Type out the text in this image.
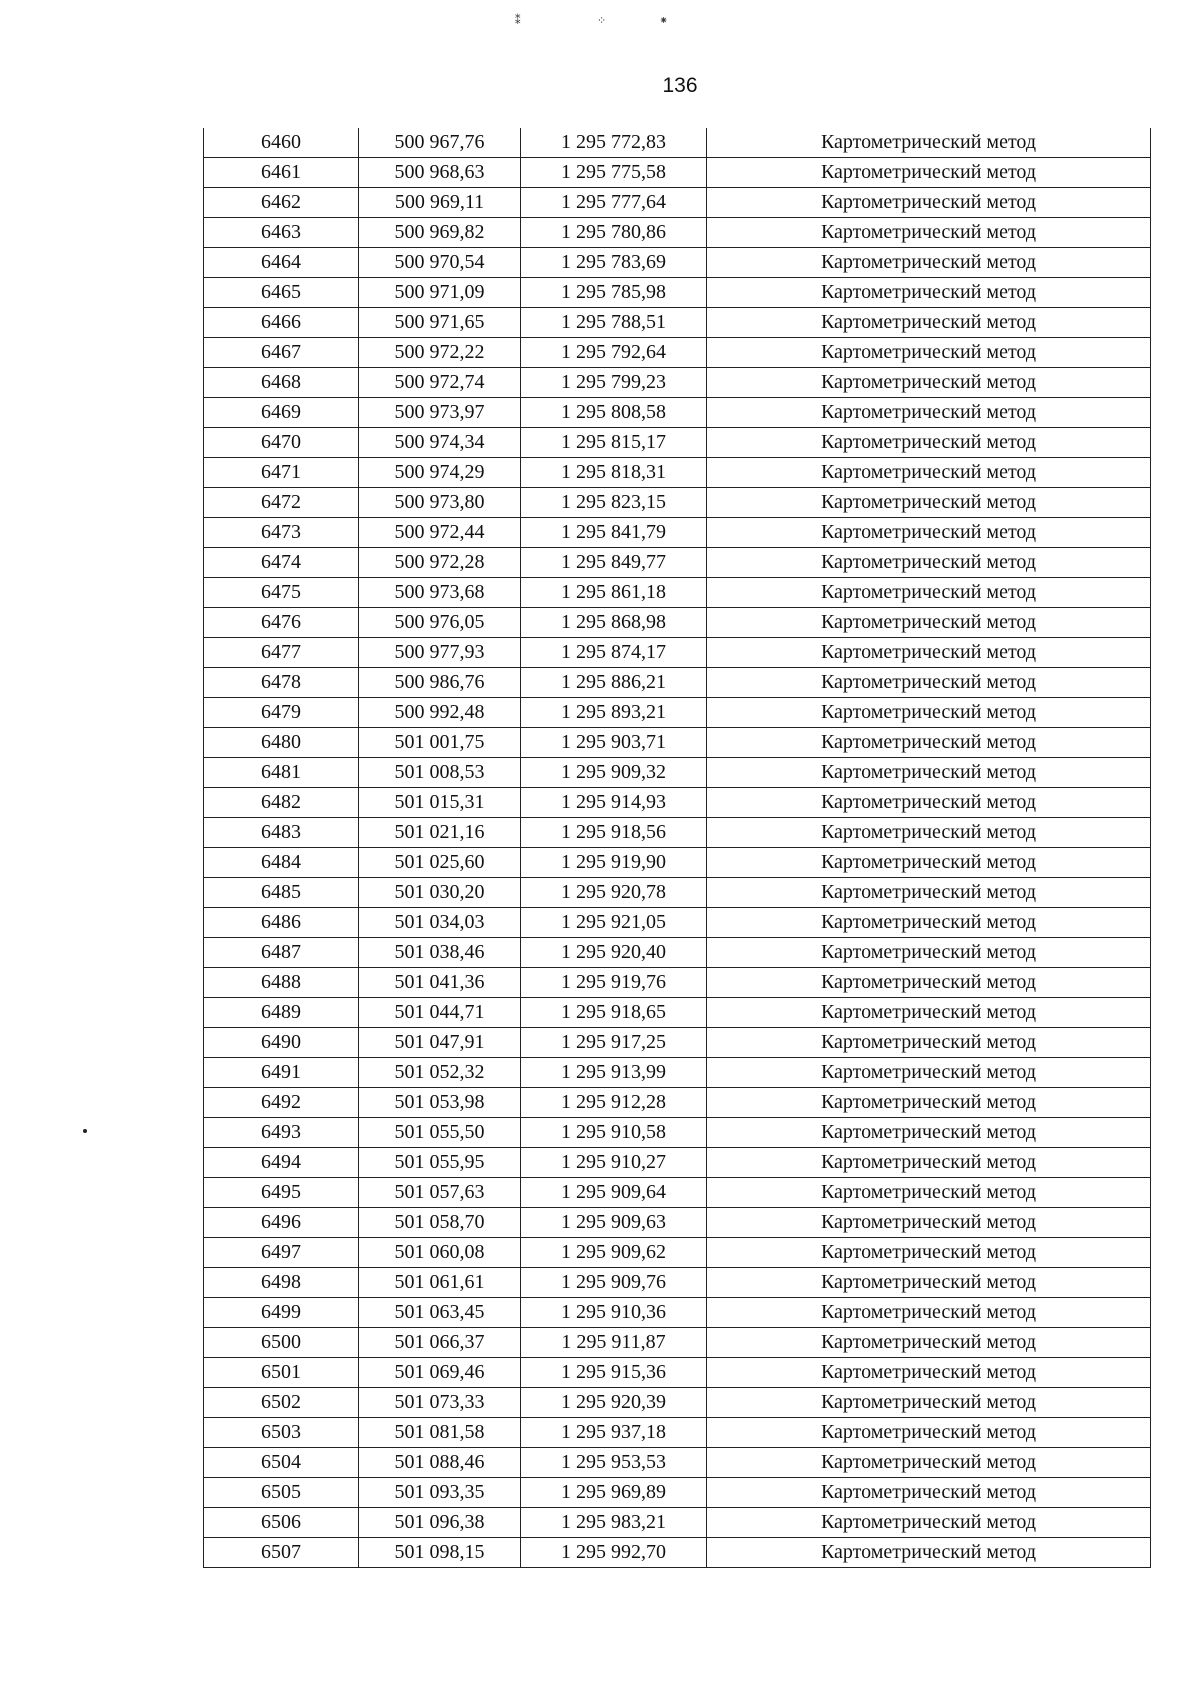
⁑	⁘	⁕
136
6460	500 967,76	1 295 772,83	Картометрический метод
6461	500 968,63	1 295 775,58	Картометрический метод
6462	500 969,11	1 295 777,64	Картометрический метод
6463	500 969,82	1 295 780,86	Картометрический метод
6464	500 970,54	1 295 783,69	Картометрический метод
6465	500 971,09	1 295 785,98	Картометрический метод
6466	500 971,65	1 295 788,51	Картометрический метод
6467	500 972,22	1 295 792,64	Картометрический метод
6468	500 972,74	1 295 799,23	Картометрический метод
6469	500 973,97	1 295 808,58	Картометрический метод
6470	500 974,34	1 295 815,17	Картометрический метод
6471	500 974,29	1 295 818,31	Картометрический метод
6472	500 973,80	1 295 823,15	Картометрический метод
6473	500 972,44	1 295 841,79	Картометрический метод
6474	500 972,28	1 295 849,77	Картометрический метод
6475	500 973,68	1 295 861,18	Картометрический метод
6476	500 976,05	1 295 868,98	Картометрический метод
6477	500 977,93	1 295 874,17	Картометрический метод
6478	500 986,76	1 295 886,21	Картометрический метод
6479	500 992,48	1 295 893,21	Картометрический метод
6480	501 001,75	1 295 903,71	Картометрический метод
6481	501 008,53	1 295 909,32	Картометрический метод
6482	501 015,31	1 295 914,93	Картометрический метод
6483	501 021,16	1 295 918,56	Картометрический метод
6484	501 025,60	1 295 919,90	Картометрический метод
6485	501 030,20	1 295 920,78	Картометрический метод
6486	501 034,03	1 295 921,05	Картометрический метод
6487	501 038,46	1 295 920,40	Картометрический метод
6488	501 041,36	1 295 919,76	Картометрический метод
6489	501 044,71	1 295 918,65	Картометрический метод
6490	501 047,91	1 295 917,25	Картометрический метод
6491	501 052,32	1 295 913,99	Картометрический метод
6492	501 053,98	1 295 912,28	Картометрический метод
6493	501 055,50	1 295 910,58	Картометрический метод
6494	501 055,95	1 295 910,27	Картометрический метод
6495	501 057,63	1 295 909,64	Картометрический метод
6496	501 058,70	1 295 909,63	Картометрический метод
6497	501 060,08	1 295 909,62	Картометрический метод
6498	501 061,61	1 295 909,76	Картометрический метод
6499	501 063,45	1 295 910,36	Картометрический метод
6500	501 066,37	1 295 911,87	Картометрический метод
6501	501 069,46	1 295 915,36	Картометрический метод
6502	501 073,33	1 295 920,39	Картометрический метод
6503	501 081,58	1 295 937,18	Картометрический метод
6504	501 088,46	1 295 953,53	Картометрический метод
6505	501 093,35	1 295 969,89	Картометрический метод
6506	501 096,38	1 295 983,21	Картометрический метод
6507	501 098,15	1 295 992,70	Картометрический метод
